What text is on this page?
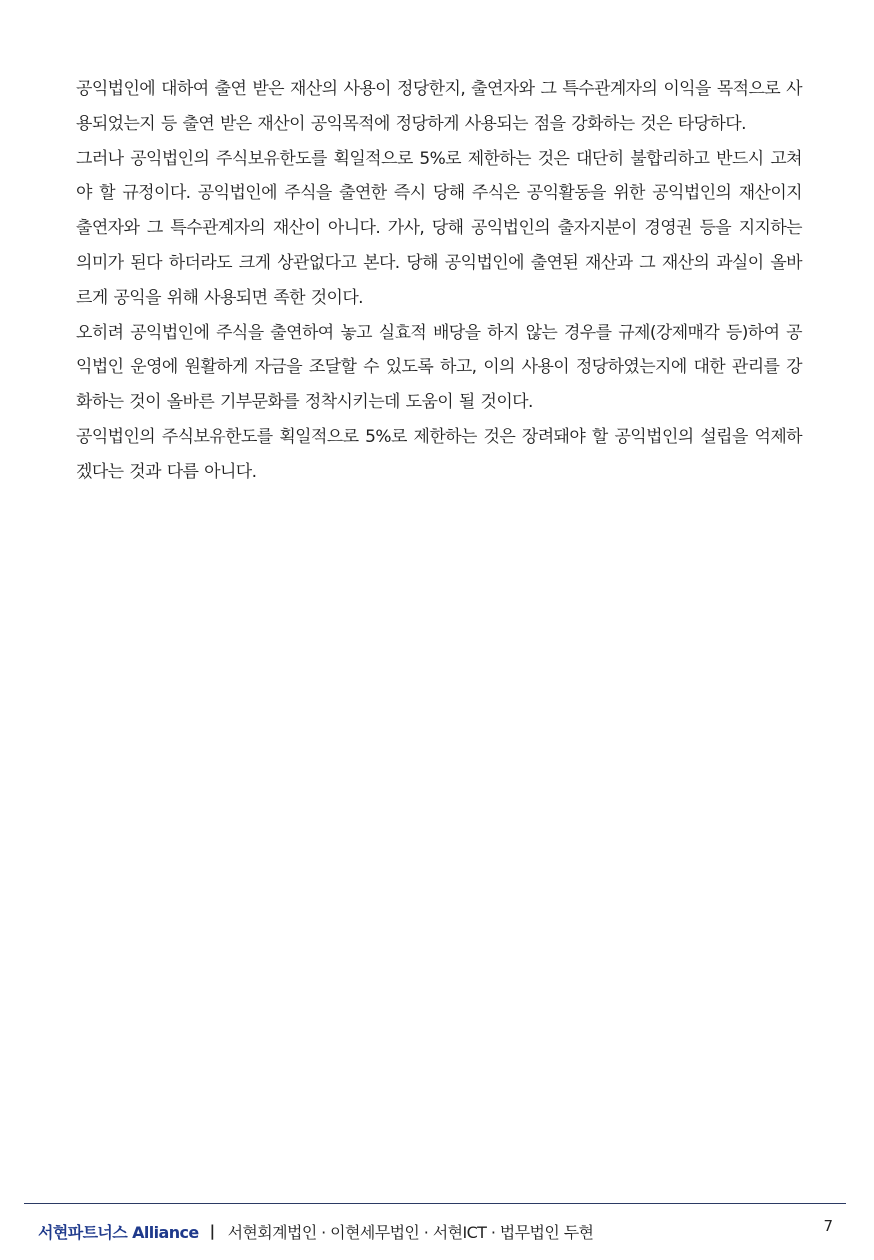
공익법인에 대하여 출연 받은 재산의 사용이 정당한지, 출연자와 그 특수관계자의 이익을 목적으로 사용되었는지 등 출연 받은 재산이 공익목적에 정당하게 사용되는 점을 강화하는 것은 타당하다.

그러나 공익법인의 주식보유한도를 획일적으로 5%로 제한하는 것은 대단히 불합리하고 반드시 고쳐야 할 규정이다. 공익법인에 주식을 출연한 즉시 당해 주식은 공익활동을 위한 공익법인의 재산이지 출연자와 그 특수관계자의 재산이 아니다. 가사, 당해 공익법인의 출자지분이 경영권 등을 지지하는 의미가 된다 하더라도 크게 상관없다고 본다. 당해 공익법인에 출연된 재산과 그 재산의 과실이 올바르게 공익을 위해 사용되면 족한 것이다.

오히려 공익법인에 주식을 출연하여 놓고 실효적 배당을 하지 않는 경우를 규제(강제매각 등)하여 공익법인 운영에 원활하게 자금을 조달할 수 있도록 하고, 이의 사용이 정당하였는지에 대한 관리를 강화하는 것이 올바른 기부문화를 정착시키는데 도움이 될 것이다.

공익법인의 주식보유한도를 획일적으로 5%로 제한하는 것은 장려돼야 할 공익법인의 설립을 억제하겠다는 것과 다름 아니다.

서현파트너스 Alliance | 서현회계법인 · 이현세무법인 · 서현ICT · 법무법인 두현	7
